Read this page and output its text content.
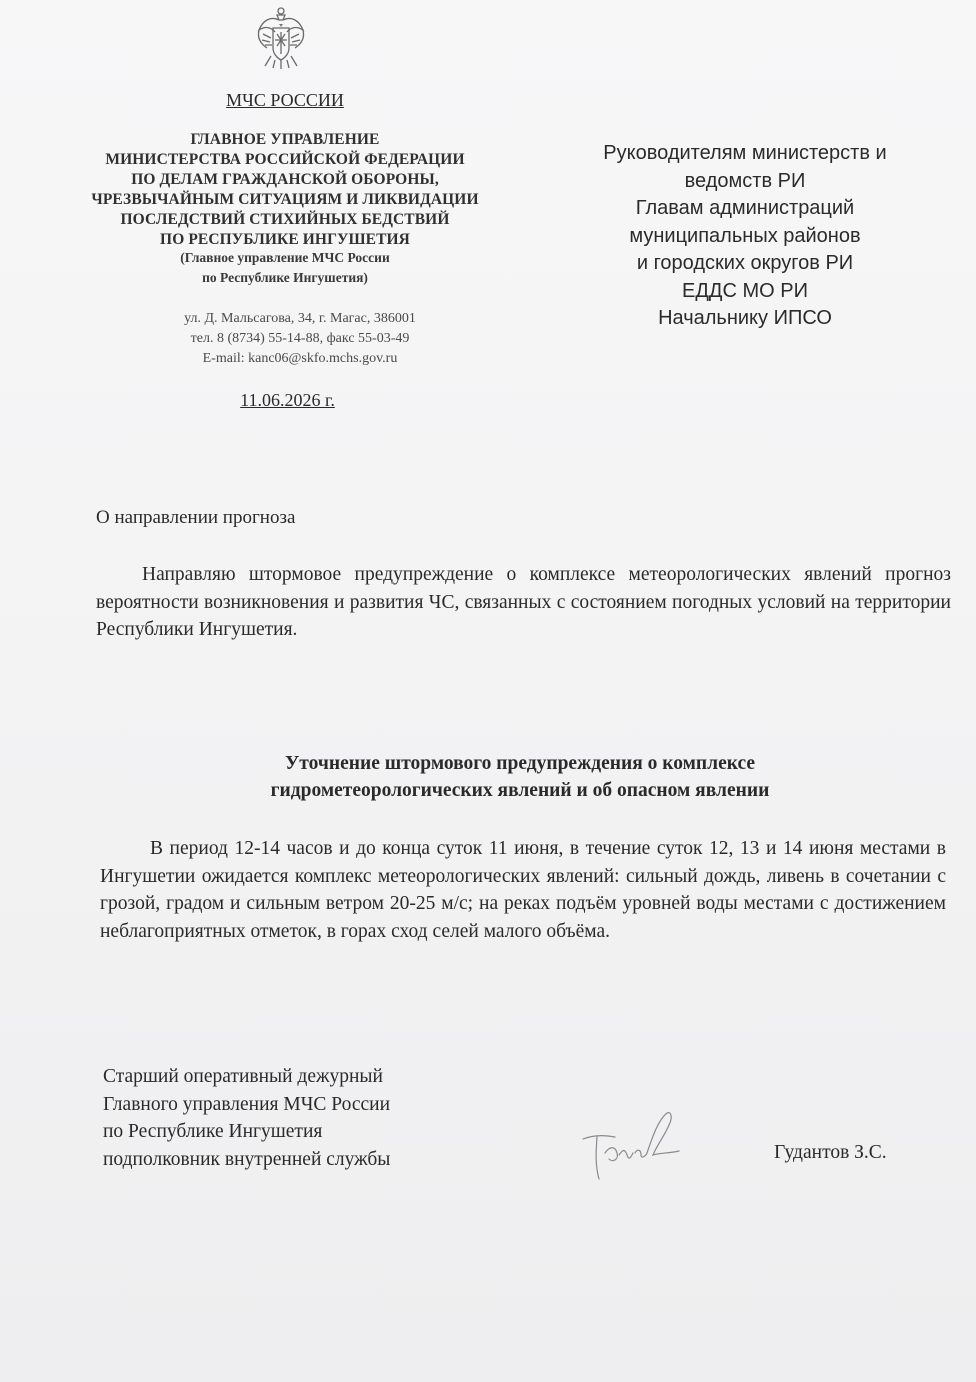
МЧС РОССИИ
ГЛАВНОЕ УПРАВЛЕНИЕ
МИНИСТЕРСТВА РОССИЙСКОЙ ФЕДЕРАЦИИ
ПО ДЕЛАМ ГРАЖДАНСКОЙ ОБОРОНЫ,
ЧРЕЗВЫЧАЙНЫМ СИТУАЦИЯМ И ЛИКВИДАЦИИ
ПОСЛЕДСТВИЙ СТИХИЙНЫХ БЕДСТВИЙ
ПО РЕСПУБЛИКЕ ИНГУШЕТИЯ
(Главное управление МЧС России
по Республике Ингушетия)
ул. Д. Мальсагова, 34, г. Магас, 386001
тел. 8 (8734) 55-14-88, факс 55-03-49
E-mail: kanc06@skfo.mchs.gov.ru
11.06.2026 г.
Руководителям министерств и
ведомств РИ
Главам администраций
муниципальных районов
и городских округов РИ
ЕДДС МО РИ
Начальнику ИПСО
О направлении прогноза

Направляю штормовое предупреждение о комплексе метеорологических явлений прогноз вероятности возникновения и развития ЧС, связанных с состоянием погодных условий на территории Республики Ингушетия.

Уточнение штормового предупреждения о комплексе
гидрометеорологических явлений и об опасном явлении

В период 12-14 часов и до конца суток 11 июня, в течение суток 12, 13 и 14 июня местами в Ингушетии ожидается комплекс метеорологических явлений: сильный дождь, ливень в сочетании с грозой, градом и сильным ветром 20-25 м/с; на реках подъём уровней воды местами с достижением неблагоприятных отметок, в горах сход селей малого объёма.

Старший оперативный дежурный
Главного управления МЧС России
по Республике Ингушетия
подполковник внутренней службы	Гудантов З.С.
